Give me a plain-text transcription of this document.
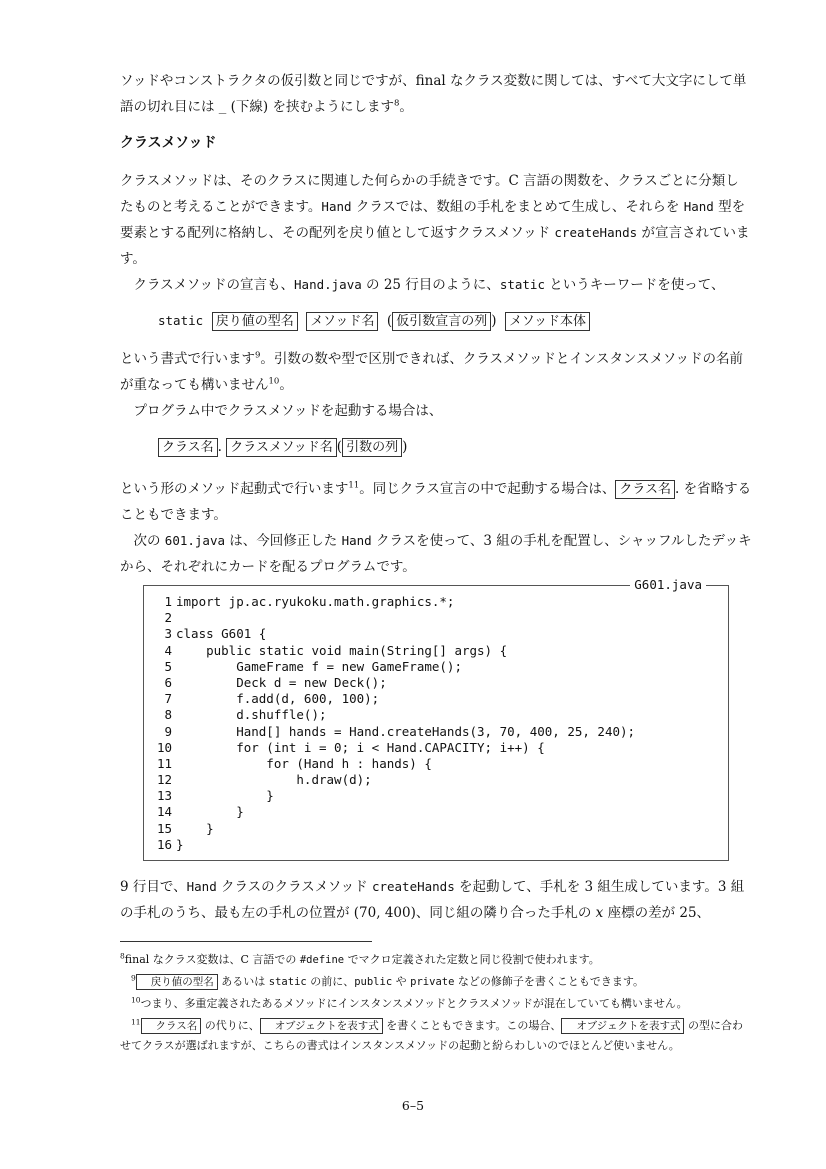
ソッドやコンストラクタの仮引数と同じですが、final なクラス変数に関しては、すべて大文字にして単語の切れ目には _ (下線) を挟むようにします$^8$。

クラスメソッド

クラスメソッドは、そのクラスに関連した何らかの手続きです。C 言語の関数を、クラスごとに分類したものと考えることができます。Hand クラスでは、数組の手札をまとめて生成し、それらを Hand 型を要素とする配列に格納し、その配列を戻り値として返すクラスメソッド createHands が宣言されています。

クラスメソッドの宣言も、Hand.java の 25 行目のように、static というキーワードを使って、

static 戻り値の型名 メソッド名 ( 仮引数宣言の列 ) メソッド本体

という書式で行います$^9$。引数の数や型で区別できれば、クラスメソッドとインスタンスメソッドの名前が重なっても構いません$^{10}$。

プログラム中でクラスメソッドを起動する場合は、

クラス名 . クラスメソッド名 ( 引数の列 )

という形のメソッド起動式で行います$^{11}$。同じクラス宣言の中で起動する場合は、 クラス名 . を省略することもできます。

次の 601.java は、今回修正した Hand クラスを使って、3 組の手札を配置し、シャッフルしたデッキから、それぞれにカードを配るプログラムです。

G601.java
1 import jp.ac.ryukoku.math.graphics.*;
2
3 class G601 {
4 public static void main(String[] args) {
5 GameFrame f = new GameFrame();
6 Deck d = new Deck();
7 f.add(d, 600, 100);
8 d.shuffle();
9 Hand[] hands = Hand.createHands(3, 70, 400, 25, 240);
10 for (int i = 0; i < Hand.CAPACITY; i++) {
11 for (Hand h : hands) {
12 h.draw(d);
13 }
14 }
15 }
16 }

9 行目で、Hand クラスのクラスメソッド createHands を起動して、手札を 3 組生成しています。3 組の手札のうち、最も左の手札の位置が (70, 400)、同じ組の隣り合った手札の x 座標の差が 25、

$^8$final なクラス変数は、C 言語での #define でマクロ定義された定数と同じ役割で使われます。

$^9$ 戻り値の型名 あるいは static の前に、public や private などの修飾子を書くこともできます。

$^{10}$つまり、多重定義されたあるメソッドにインスタンスメソッドとクラスメソッドが混在していても構いません。

$^{11}$ クラス名 の代りに、 オブジェクトを表す式 を書くこともできます。この場合、 オブジェクトを表す式 の型に合わせてクラスが選ばれますが、こちらの書式はインスタンスメソッドの起動と紛らわしいのでほとんど使いません。

6–5
